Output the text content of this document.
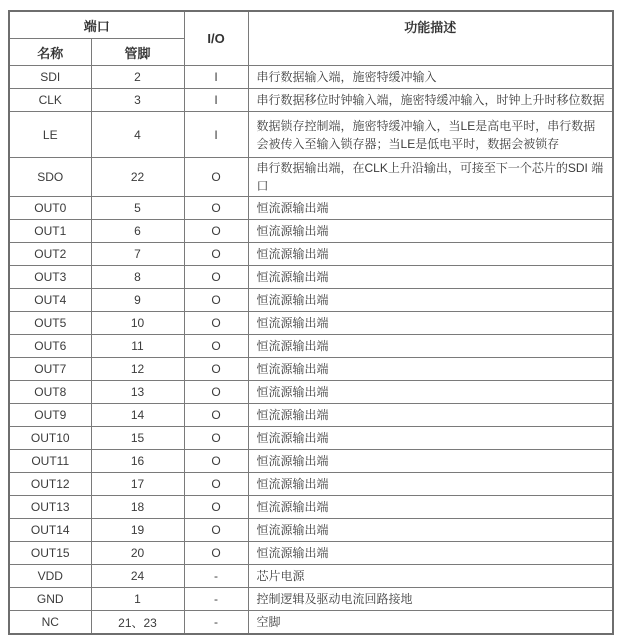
端口		I/O	功能描述
名称	管脚		
SDI	2	I	串行数据输入端，施密特缓冲输入
CLK	3	I	串行数据移位时钟输入端，施密特缓冲输入，时钟上升时移位数据
LE	4	I	数据锁存控制端，施密特缓冲输入，当LE是高电平时，串行数据会被传入至输入锁存器；当LE是低电平时，数据会被锁存
SDO	22	O	串行数据输出端，在CLK上升沿输出，可接至下一个芯片的SDI 端口
OUT0	5	O	恒流源输出端
OUT1	6	O	恒流源输出端
OUT2	7	O	恒流源输出端
OUT3	8	O	恒流源输出端
OUT4	9	O	恒流源输出端
OUT5	10	O	恒流源输出端
OUT6	11	O	恒流源输出端
OUT7	12	O	恒流源输出端
OUT8	13	O	恒流源输出端
OUT9	14	O	恒流源输出端
OUT10	15	O	恒流源输出端
OUT11	16	O	恒流源输出端
OUT12	17	O	恒流源输出端
OUT13	18	O	恒流源输出端
OUT14	19	O	恒流源输出端
OUT15	20	O	恒流源输出端
VDD	24	-	芯片电源
GND	1	-	控制逻辑及驱动电流回路接地
NC	21、23	-	空脚
